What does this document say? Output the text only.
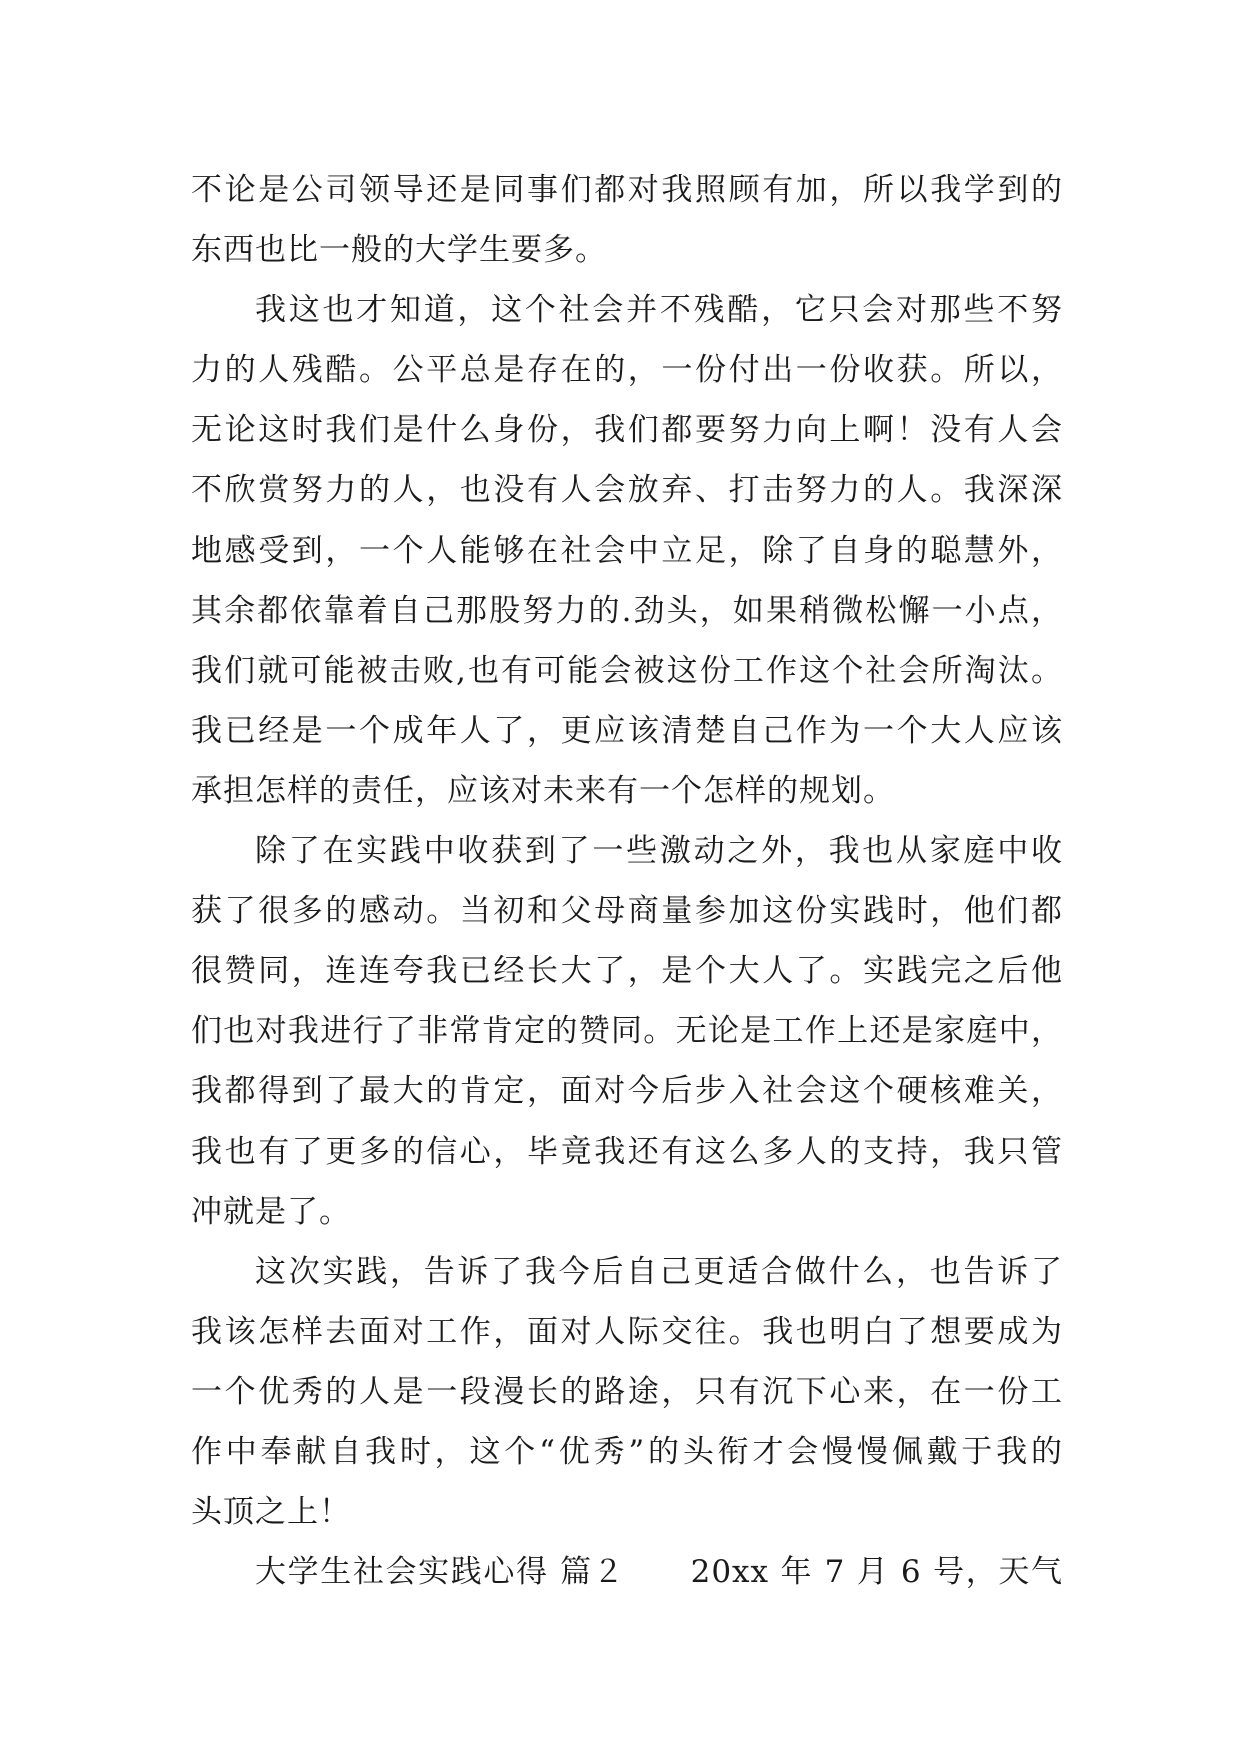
不论是公司领导还是同事们都对我照顾有加，所以我学到的
东西也比一般的大学生要多。
我这也才知道，这个社会并不残酷，它只会对那些不努
力的人残酷。公平总是存在的，一份付出一份收获。所以，
无论这时我们是什么身份，我们都要努力向上啊！没有人会
不欣赏努力的人，也没有人会放弃、打击努力的人。我深深
地感受到，一个人能够在社会中立足，除了自身的聪慧外，
其余都依靠着自己那股努力的.劲头，如果稍微松懈一小点，
我们就可能被击败,也有可能会被这份工作这个社会所淘汰。
我已经是一个成年人了，更应该清楚自己作为一个大人应该
承担怎样的责任，应该对未来有一个怎样的规划。
除了在实践中收获到了一些激动之外，我也从家庭中收
获了很多的感动。当初和父母商量参加这份实践时，他们都
很赞同，连连夸我已经长大了，是个大人了。实践完之后他
们也对我进行了非常肯定的赞同。无论是工作上还是家庭中，
我都得到了最大的肯定，面对今后步入社会这个硬核难关，
我也有了更多的信心，毕竟我还有这么多人的支持，我只管
冲就是了。
这次实践，告诉了我今后自己更适合做什么，也告诉了
我该怎样去面对工作，面对人际交往。我也明白了想要成为
一个优秀的人是一段漫长的路途，只有沉下心来，在一份工
作中奉献自我时，这个“优秀”的头衔才会慢慢佩戴于我的
头顶之上！
大学生社会实践心得 篇２　　20xx 年 7 月 6 号，天气
